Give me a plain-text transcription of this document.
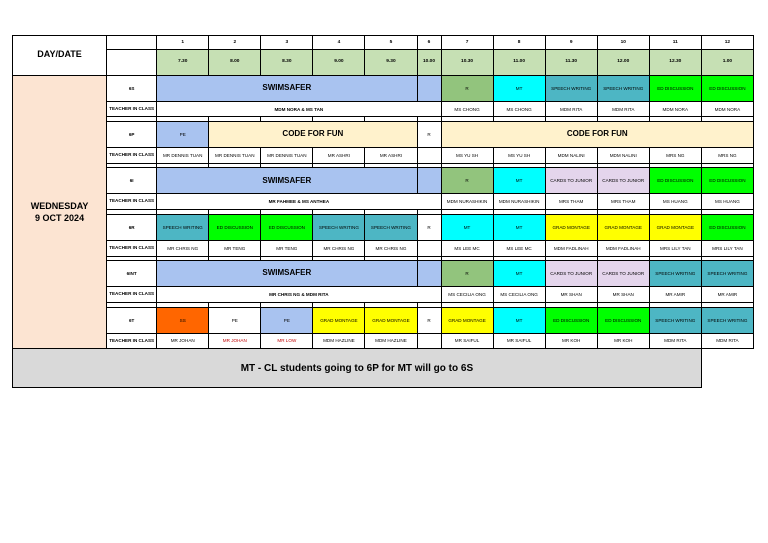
DAY/DATE		1	2	3	4	5	6	7	8	9	10	11	12
		7.30	8.00	8.30	9.00	9.30	10.00	10.30	11.00	11.30	12.00	12.30	1.00

WEDNESDAY
9 OCT 2024	6S	SWIMSAFER						R	MT	SPEECH WRITING	SPEECH WRITING	ED DISCUSSION	ED DISCUSSION
	TEACHER IN CLASS	MDM NORA & MS TAN						MS CHONG	MS CHONG	MDM RITA	MDM RITA	MDM NORA	MDM NORA

	6P	PE	CODE FOR FUN				R	CODE FOR FUN					
	TEACHER IN CLASS	MR DENNIS TUAN	MR DENNIS TUAN	MR DENNIS TUAN	MR ASHRI	MR ASHRI		MS YU SH	MS YU SH	MDM NALINI	MDM NALINI	MRS NG	MRS NG

	6I	SWIMSAFER						R	MT	CARDS TO JUNIOR	CARDS TO JUNIOR	ED DISCUSSION	ED DISCUSSION
	TEACHER IN CLASS	MR FAHMEE & MS ANTHEA						MDM NURASHIKIN	MDM NURASHIKIN	MRS THAM	MRS THAM	MS HUANG	MS HUANG

	6R	SPEECH WRITING	ED DISCUSSION	ED DISCUSSION	SPEECH WRITING	SPEECH WRITING	R	MT	MT	GRAD MONTAGE	GRAD MONTAGE	GRAD MONTAGE	ED DISCUSSION
	TEACHER IN CLASS	MR CHRIS NG	MR TENG	MR TENG	MR CHRIS NG	MR CHRIS NG		MS LEE MC	MS LEE MC	MDM FADLINAH	MDM FADLINAH	MRS LILY TAN	MRS LILY TAN

	6INT	SWIMSAFER						R	MT	CARDS TO JUNIOR	CARDS TO JUNIOR	SPEECH WRITING	SPEECH WRITING
	TEACHER IN CLASS	MR CHRIS NG & MDM RITA						MS CECILIA ONG	MS CECILIA ONG	MR SHAN	MR SHAN	MR AMIR	MR AMIR

	6T	SS	PE	PE	GRAD MONTAGE	GRAD MONTAGE	R	GRAD MONTAGE	MT	ED DISCUSSION	ED DISCUSSION	SPEECH WRITING	SPEECH WRITING
	TEACHER IN CLASS	MR JOHAN	MR JOHAN	MR LOW	MDM HAZLINE	MDM HAZLINE		MR SAIFUL	MR SAIFUL	MR KOH	MR KOH	MDM RITA	MDM RITA
MT - CL students going to 6P for MT will go to 6S													
